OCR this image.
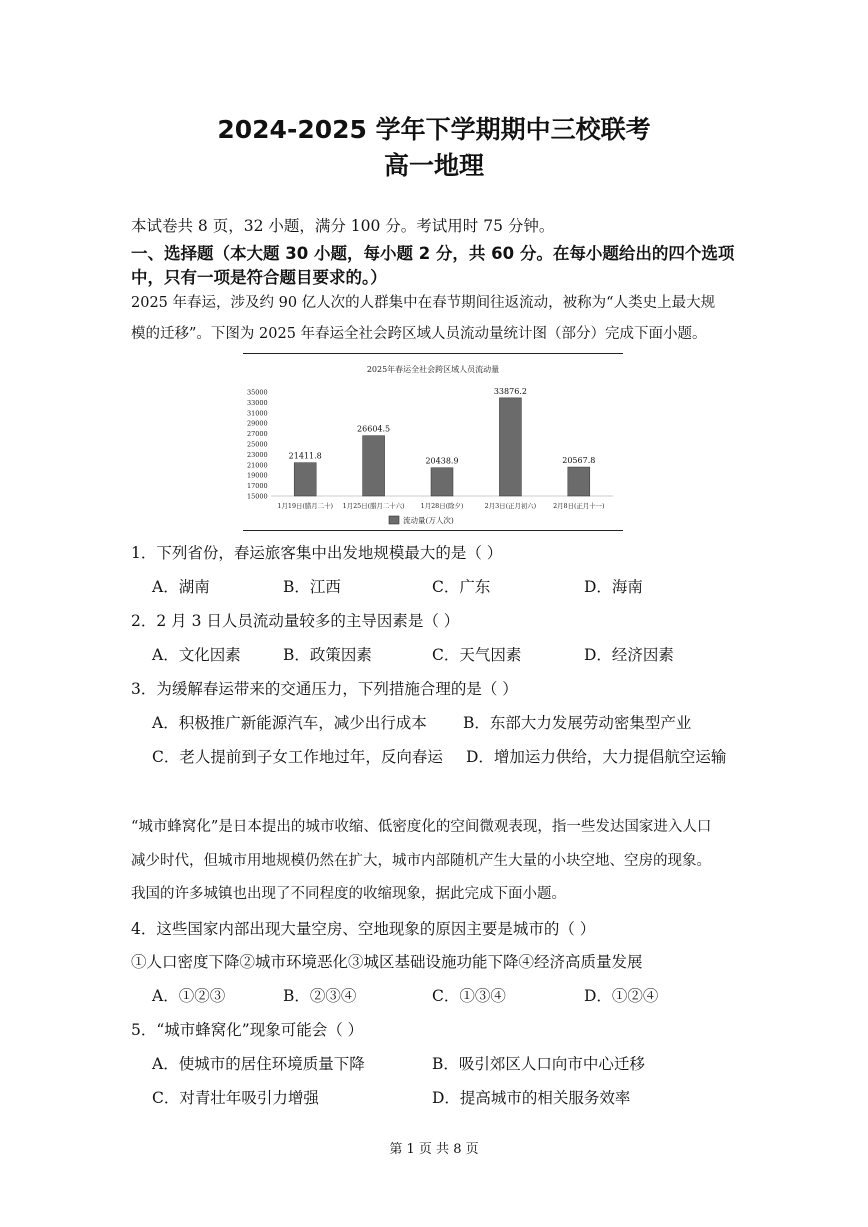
2024-2025 学年下学期期中三校联考
高一地理
本试卷共 8 页，32 小题，满分 100 分。考试用时 75 分钟。
一、选择题（本大题 30 小题，每小题 2 分，共 60 分。在每小题给出的四个选项
中，只有一项是符合题目要求的。）
2025 年春运，涉及约 90 亿人次的人群集中在春节期间往返流动，被称为“人类史上最大规
模的迁移”。下图为 2025 年春运全社会跨区域人员流动量统计图（部分）完成下面小题。
2025年春运全社会跨区域人员流动量
35000
33000
31000
29000
27000
25000
23000
21000
19000
17000
15000
21411.8
26604.5
20438.9
33876.2
20567.8
1月19日(腊月二十) 1月25日(腊月二十六)	1月28日(除夕)	2月3日(正月初六)	2月8日(正月十一)
流动量(万人次)
1．下列省份，春运旅客集中出发地规模最大的是（ ）
A．湖南	B．江西	C．广东	D．海南
2．2 月 3 日人员流动量较多的主导因素是（ ）
A．文化因素	B．政策因素	C．天气因素	D．经济因素
3．为缓解春运带来的交通压力，下列措施合理的是（ ）
A．积极推广新能源汽车，减少出行成本 B．东部大力发展劳动密集型产业
C．老人提前到子女工作地过年，反向春运 D．增加运力供给，大力提倡航空运输
“城市蜂窝化”是日本提出的城市收缩、低密度化的空间微观表现，指一些发达国家进入人口
减少时代，但城市用地规模仍然在扩大，城市内部随机产生大量的小块空地、空房的现象。
我国的许多城镇也出现了不同程度的收缩现象，据此完成下面小题。
4．这些国家内部出现大量空房、空地现象的原因主要是城市的（ ）
①人口密度下降②城市环境恶化③城区基础设施功能下降④经济高质量发展
A．①②③	B．②③④	C．①③④	D．①②④
5．“城市蜂窝化”现象可能会（ ）
A．使城市的居住环境质量下降	B．吸引郊区人口向市中心迁移
C．对青壮年吸引力增强	D．提高城市的相关服务效率
第 1 页 共 8 页
